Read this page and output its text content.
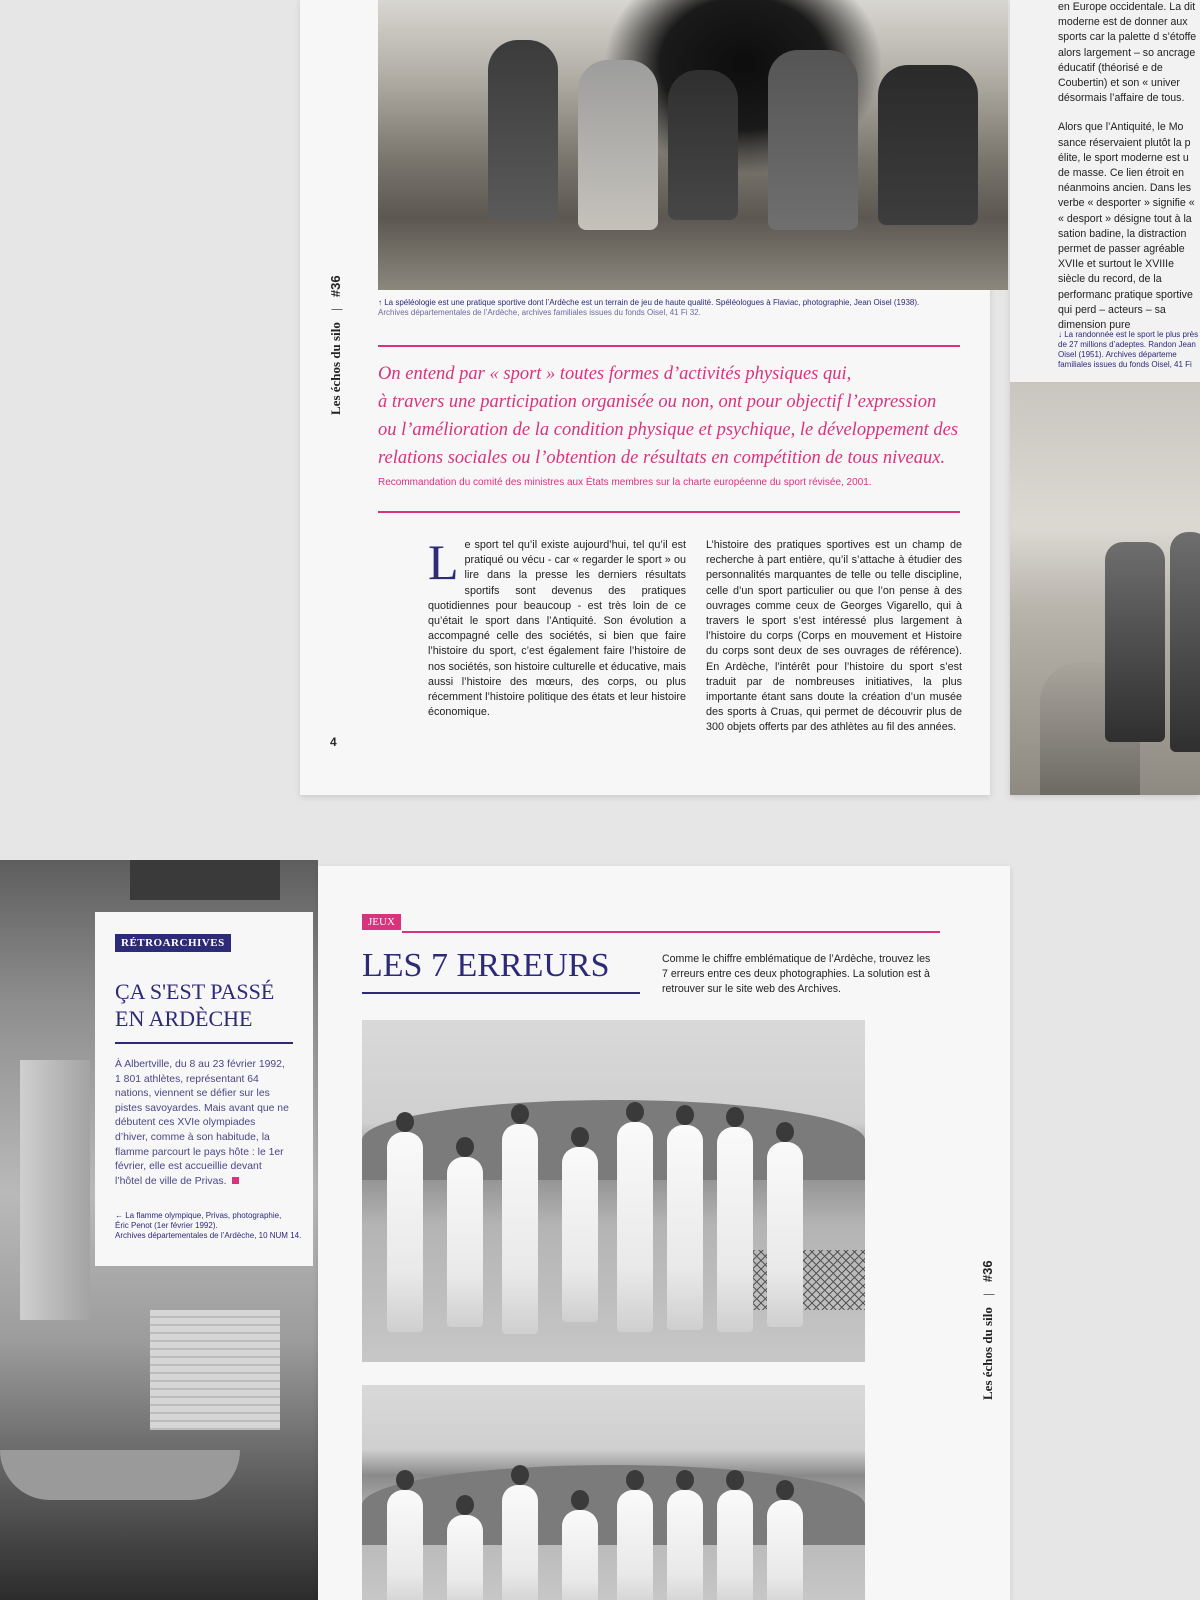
↑ La spéléologie est une pratique sportive dont l’Ardèche est un terrain de jeu de haute qualité. Spéléologues à Flaviac, photographie, Jean Oisel (1938).
Archives départementales de l’Ardèche, archives familiales issues du fonds Oisel, 41 Fi 32.
Les échos du silo | #36
On entend par « sport » toutes formes d’activités physiques qui,
à travers une participation organisée ou non, ont pour objectif l’expression
ou l’amélioration de la condition physique et psychique, le développement des
relations sociales ou l’obtention de résultats en compétition de tous niveaux.
Recommandation du comité des ministres aux États membres sur la charte européenne du sport révisée, 2001.
L e sport tel qu’il existe aujourd’hui, tel qu’il est pratiqué ou vécu - car « regarder le sport » ou lire dans la presse les derniers résultats sportifs sont devenus des pratiques quotidiennes pour beaucoup - est très loin de ce qu’était le sport dans l’Antiquité. Son évolution a accompagné celle des sociétés, si bien que faire l’histoire du sport, c’est également faire l’histoire de nos sociétés, son histoire culturelle et éducative, mais aussi l’histoire des mœurs, des corps, ou plus récemment l’histoire politique des états et leur histoire économique.
L’histoire des pratiques sportives est un champ de recherche à part entière, qu’il s’attache à étudier des personnalités marquantes de telle ou telle discipline, celle d’un sport particulier ou que l’on pense à des ouvrages comme ceux de Georges Vigarello, qui à travers le sport s’est intéressé plus largement à l’histoire du corps (Corps en mouvement et Histoire du corps sont deux de ses ouvrages de référence). En Ardèche, l’intérêt pour l’histoire du sport s’est traduit par de nombreuses initiatives, la plus importante étant sans doute la création d’un musée des sports à Cruas, qui permet de découvrir plus de 300 objets offerts par des athlètes au fil des années.
4
en Europe occidentale. La dit moderne est de donner aux sports car la palette d s’étoffe alors largement – so ancrage éducatif (théorisé e de Coubertin) et son « univer désormais l’affaire de tous.
Alors que l’Antiquité, le Mo sance réservaient plutôt la p élite, le sport moderne est u de masse. Ce lien étroit en néanmoins ancien. Dans les verbe « desporter » signifie « « desport » désigne tout à la sation badine, la distraction permet de passer agréable XVIIe et surtout le XVIIIe siècle du record, de la performanc pratique sportive qui perd – acteurs – sa dimension pure
↓ La randonnée est le sport le plus près de 27 millions d’adeptes. Randon Jean Oisel (1951). Archives départeme familiales issues du fonds Oisel, 41 Fi
RÉTROARCHIVES
ÇA S'EST PASSÉ
EN ARDÈCHE
À Albertville, du 8 au 23 février 1992, 1 801 athlètes, représentant 64 nations, viennent se défier sur les pistes savoyardes. Mais avant que ne débutent ces XVIe olympiades d’hiver, comme à son habitude, la flamme parcourt le pays hôte : le 1er février, elle est accueillie devant l’hôtel de ville de Privas.
← La flamme olympique, Privas, photographie,
Éric Penot (1er février 1992).
Archives départementales de l’Ardèche, 10 NUM 14.
JEUX
LES 7 ERREURS	Comme le chiffre emblématique de l’Ardèche, trouvez les 7 erreurs entre ces deux photographies. La solution est à retrouver sur le site web des Archives.
Les échos du silo | #36
